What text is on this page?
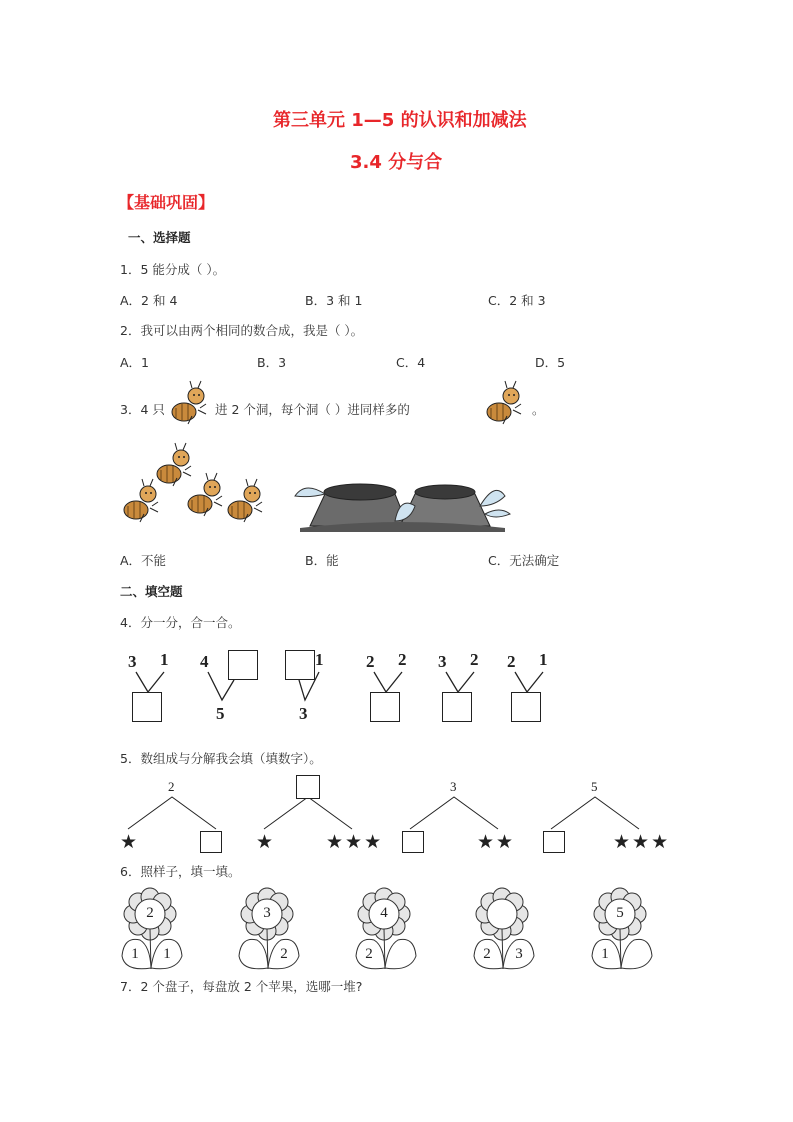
第三单元 1—5 的认识和加减法
3.4 分与合
【基础巩固】
一、选择题
1．5 能分成（ ）。
A．2 和 4	B．3 和 1	C．2 和 3
2．我可以由两个相同的数合成，我是（ ）。
A．1	B．3	C．4	D．5
3．4 只	进 2 个洞，每个洞（ ）进同样多的	。
A．不能	B．能	C．无法确定
二、填空题
4．分一分，合一合。
3 1 4
5
1
3
2 2 3 2 2 1
5．数组成与分解我会填（填数字）。
2
★	★	★★★
3
★★
5
★★★
6．照样子，填一填。
2
1	1
3
2
4
2	2	3
5
1
7．2 个盘子，每盘放 2 个苹果，选哪一堆?
